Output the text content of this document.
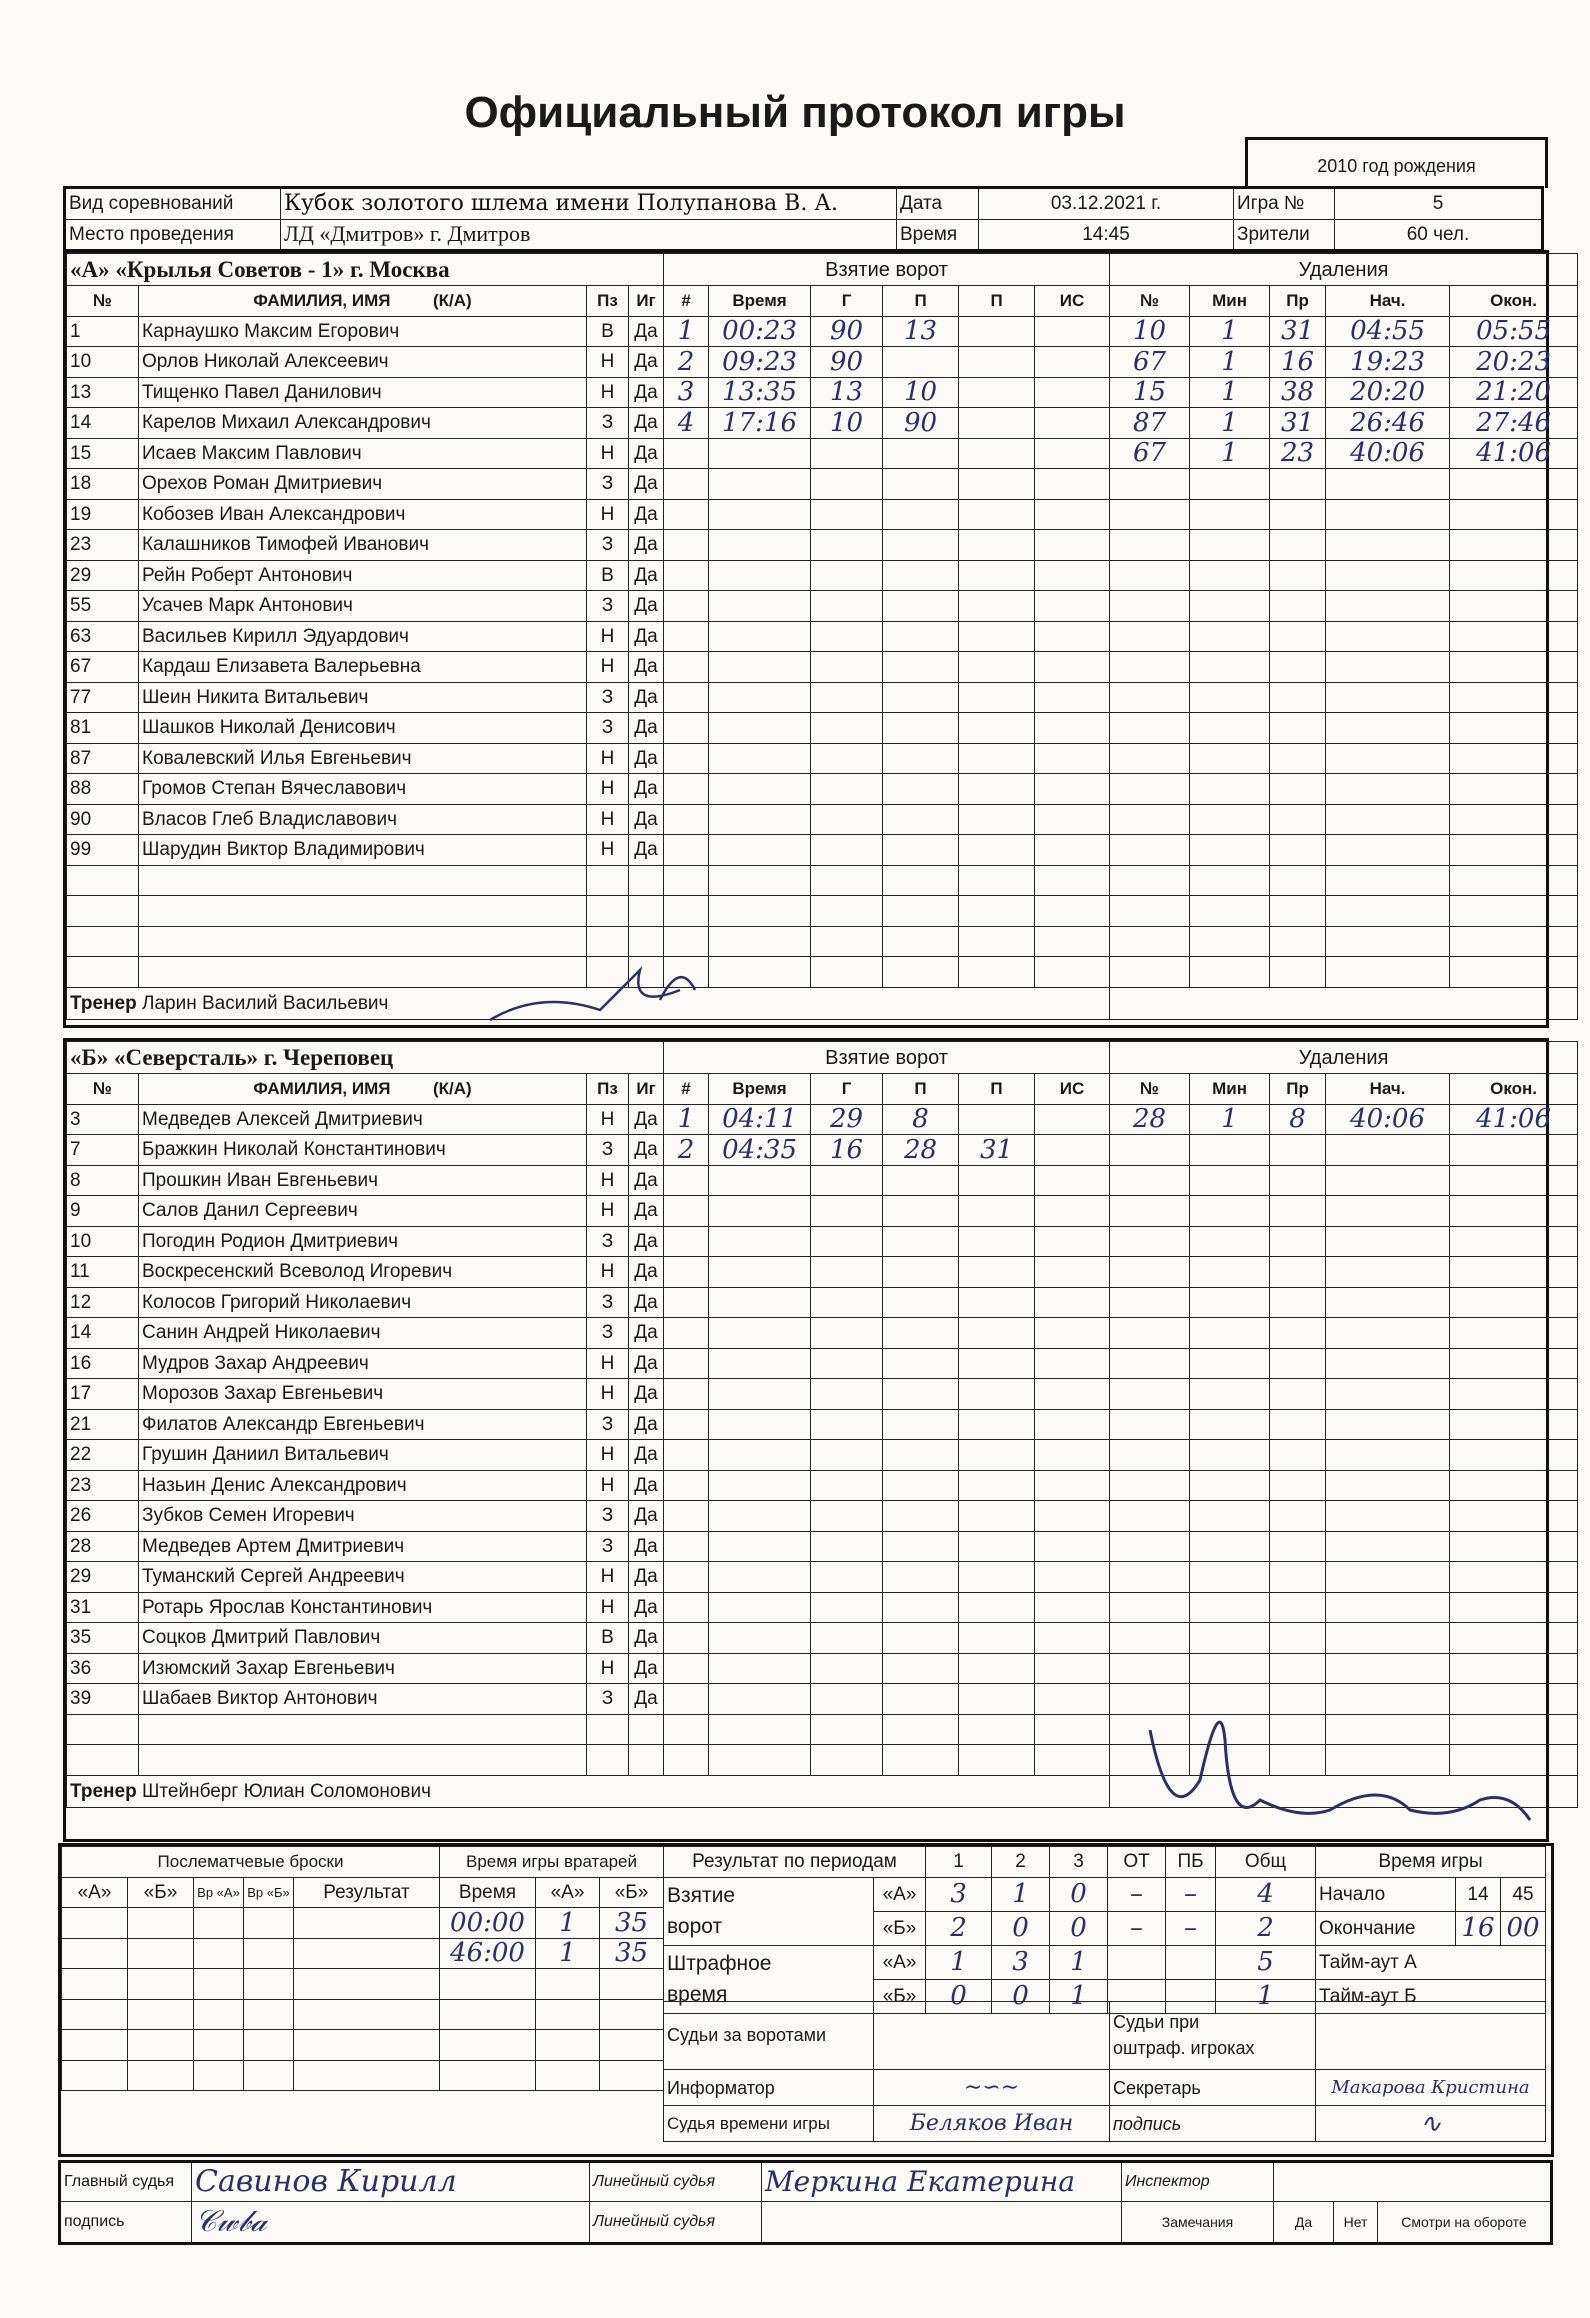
Официальный протокол игры
2010 год рождения
Вид соревнований	Кубок золотого шлема имени Полупанова В. А.	Дата	03.12.2021 г.	Игра №	5
Место проведения	ЛД «Дмитров» г. Дмитров	Время	14:45	Зрители	60 чел.
«А» «Крылья Советов - 1» г. Москва				Взятие ворот						Удаления				
№	ФАМИЛИЯ, ИМЯ (К/А)	Пз	Иг	#	Время	Г	П	П	ИС	№	Мин	Пр	Нач.	Окон.
1	Карнаушко Максим Егорович	В	Да	1	00:23	90	13			10	1	31	04:55	05:55
10	Орлов Николай Алексеевич	Н	Да	2	09:23	90				67	1	16	19:23	20:23
13	Тищенко Павел Данилович	Н	Да	3	13:35	13	10			15	1	38	20:20	21:20
14	Карелов Михаил Александрович	З	Да	4	17:16	10	90			87	1	31	26:46	27:46
15	Исаев Максим Павлович	Н	Да							67	1	23	40:06	41:06
18	Орехов Роман Дмитриевич	З	Да											
19	Кобозев Иван Александрович	Н	Да											
23	Калашников Тимофей Иванович	З	Да											
29	Рейн Роберт Антонович	В	Да											
55	Усачев Марк Антонович	З	Да											
63	Васильев Кирилл Эдуардович	Н	Да											
67	Кардаш Елизавета Валерьевна	Н	Да											
77	Шеин Никита Витальевич	З	Да											
81	Шашков Николай Денисович	З	Да											
87	Ковалевский Илья Евгеньевич	Н	Да											
88	Громов Степан Вячеславович	Н	Да											
90	Власов Глеб Владиславович	Н	Да											
99	Шарудин Виктор Владимирович	Н	Да											

Тренер Ларин Василий Васильевич														
«Б» «Северсталь» г. Череповец				Взятие ворот						Удаления				
№	ФАМИЛИЯ, ИМЯ (К/А)	Пз	Иг	#	Время	Г	П	П	ИС	№	Мин	Пр	Нач.	Окон.
3	Медведев Алексей Дмитриевич	Н	Да	1	04:11	29	8			28	1	8	40:06	41:06
7	Бражкин Николай Константинович	З	Да	2	04:35	16	28	31						
8	Прошкин Иван Евгеньевич	Н	Да											
9	Салов Данил Сергеевич	Н	Да											
10	Погодин Родион Дмитриевич	З	Да											
11	Воскресенский Всеволод Игоревич	Н	Да											
12	Колосов Григорий Николаевич	З	Да											
14	Санин Андрей Николаевич	З	Да											
16	Мудров Захар Андреевич	Н	Да											
17	Морозов Захар Евгеньевич	Н	Да											
21	Филатов Александр Евгеньевич	З	Да											
22	Грушин Даниил Витальевич	Н	Да											
23	Назьин Денис Александрович	Н	Да											
26	Зубков Семен Игоревич	З	Да											
28	Медведев Артем Дмитриевич	З	Да											
29	Туманский Сергей Андреевич	Н	Да											
31	Ротарь Ярослав Константинович	Н	Да											
35	Соцков Дмитрий Павлович	В	Да											
36	Изюмский Захар Евгеньевич	Н	Да											
39	Шабаев Виктор Антонович	З	Да											

Тренер Штейнберг Юлиан Соломонович														
Послематчевые броски				
«А»	«Б»	Вр «А»	Вр «Б»	Результат

Время игры вратарей		
Время	«А»	«Б»
00:00	1	35
46:00	1	35

Результат по периодам		1	2	3	ОТ	ПБ	Общ
Взятие
ворот	«А»	3	1	0	–	–	4
	«Б»	2	0	0	–	–	2
Штрафное
время	«А»	1	3	1			5
	«Б»	0	0	1			1
Время игры		
Начало	14	45
Окончание	16	00
Тайм-аут А		
Тайм-аут Б		
Судьи за воротами		Судьи при
оштраф. игроках	
Информатор	∼∽∼	Секретарь	Макарова Кристина
Судья времени игры	Беляков Иван	подпись	∿
Главный судья	Савинов Кирилл	Линейный судья	Меркина Екатерина	Инспектор			
подпись	𝒞𝓌𝒷𝒶	Линейный судья		Замечания	Да	Нет	Смотри на обороте
